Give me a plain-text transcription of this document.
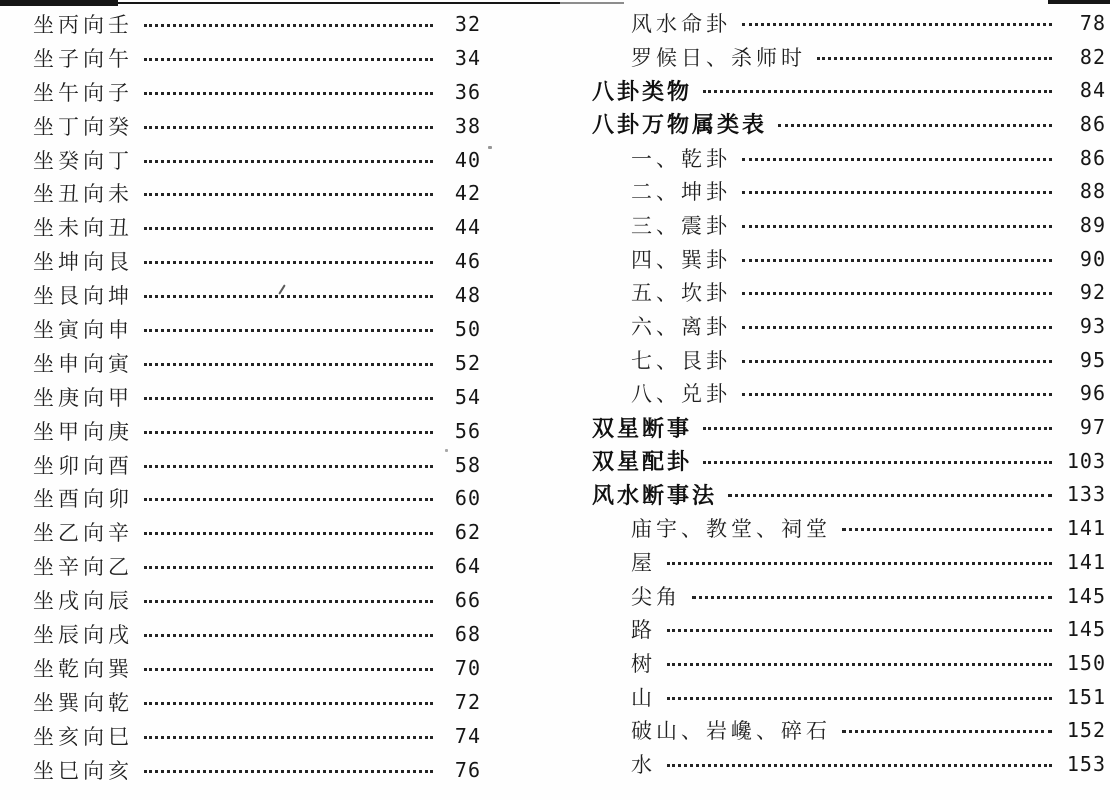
坐丙向壬	32
坐子向午	34
坐午向子	36
坐丁向癸	38
坐癸向丁	40
坐丑向未	42
坐未向丑	44
坐坤向艮	46
坐艮向坤	48
坐寅向申	50
坐申向寅	52
坐庚向甲	54
坐甲向庚	56
坐卯向酉	58
坐酉向卯	60
坐乙向辛	62
坐辛向乙	64
坐戌向辰	66
坐辰向戌	68
坐乾向巽	70
坐巽向乾	72
坐亥向巳	74
坐巳向亥	76
风水命卦	78
罗候日、杀师时	82
八卦类物	84
八卦万物属类表	86
一、乾卦	86
二、坤卦	88
三、震卦	89
四、巽卦	90
五、坎卦	92
六、离卦	93
七、艮卦	95
八、兑卦	96
双星断事	97
双星配卦	103
风水断事法	133
庙宇、教堂、祠堂	141
屋	141
尖角	145
路	145
树	150
山	151
破山、岩巉、碎石	152
水	153
